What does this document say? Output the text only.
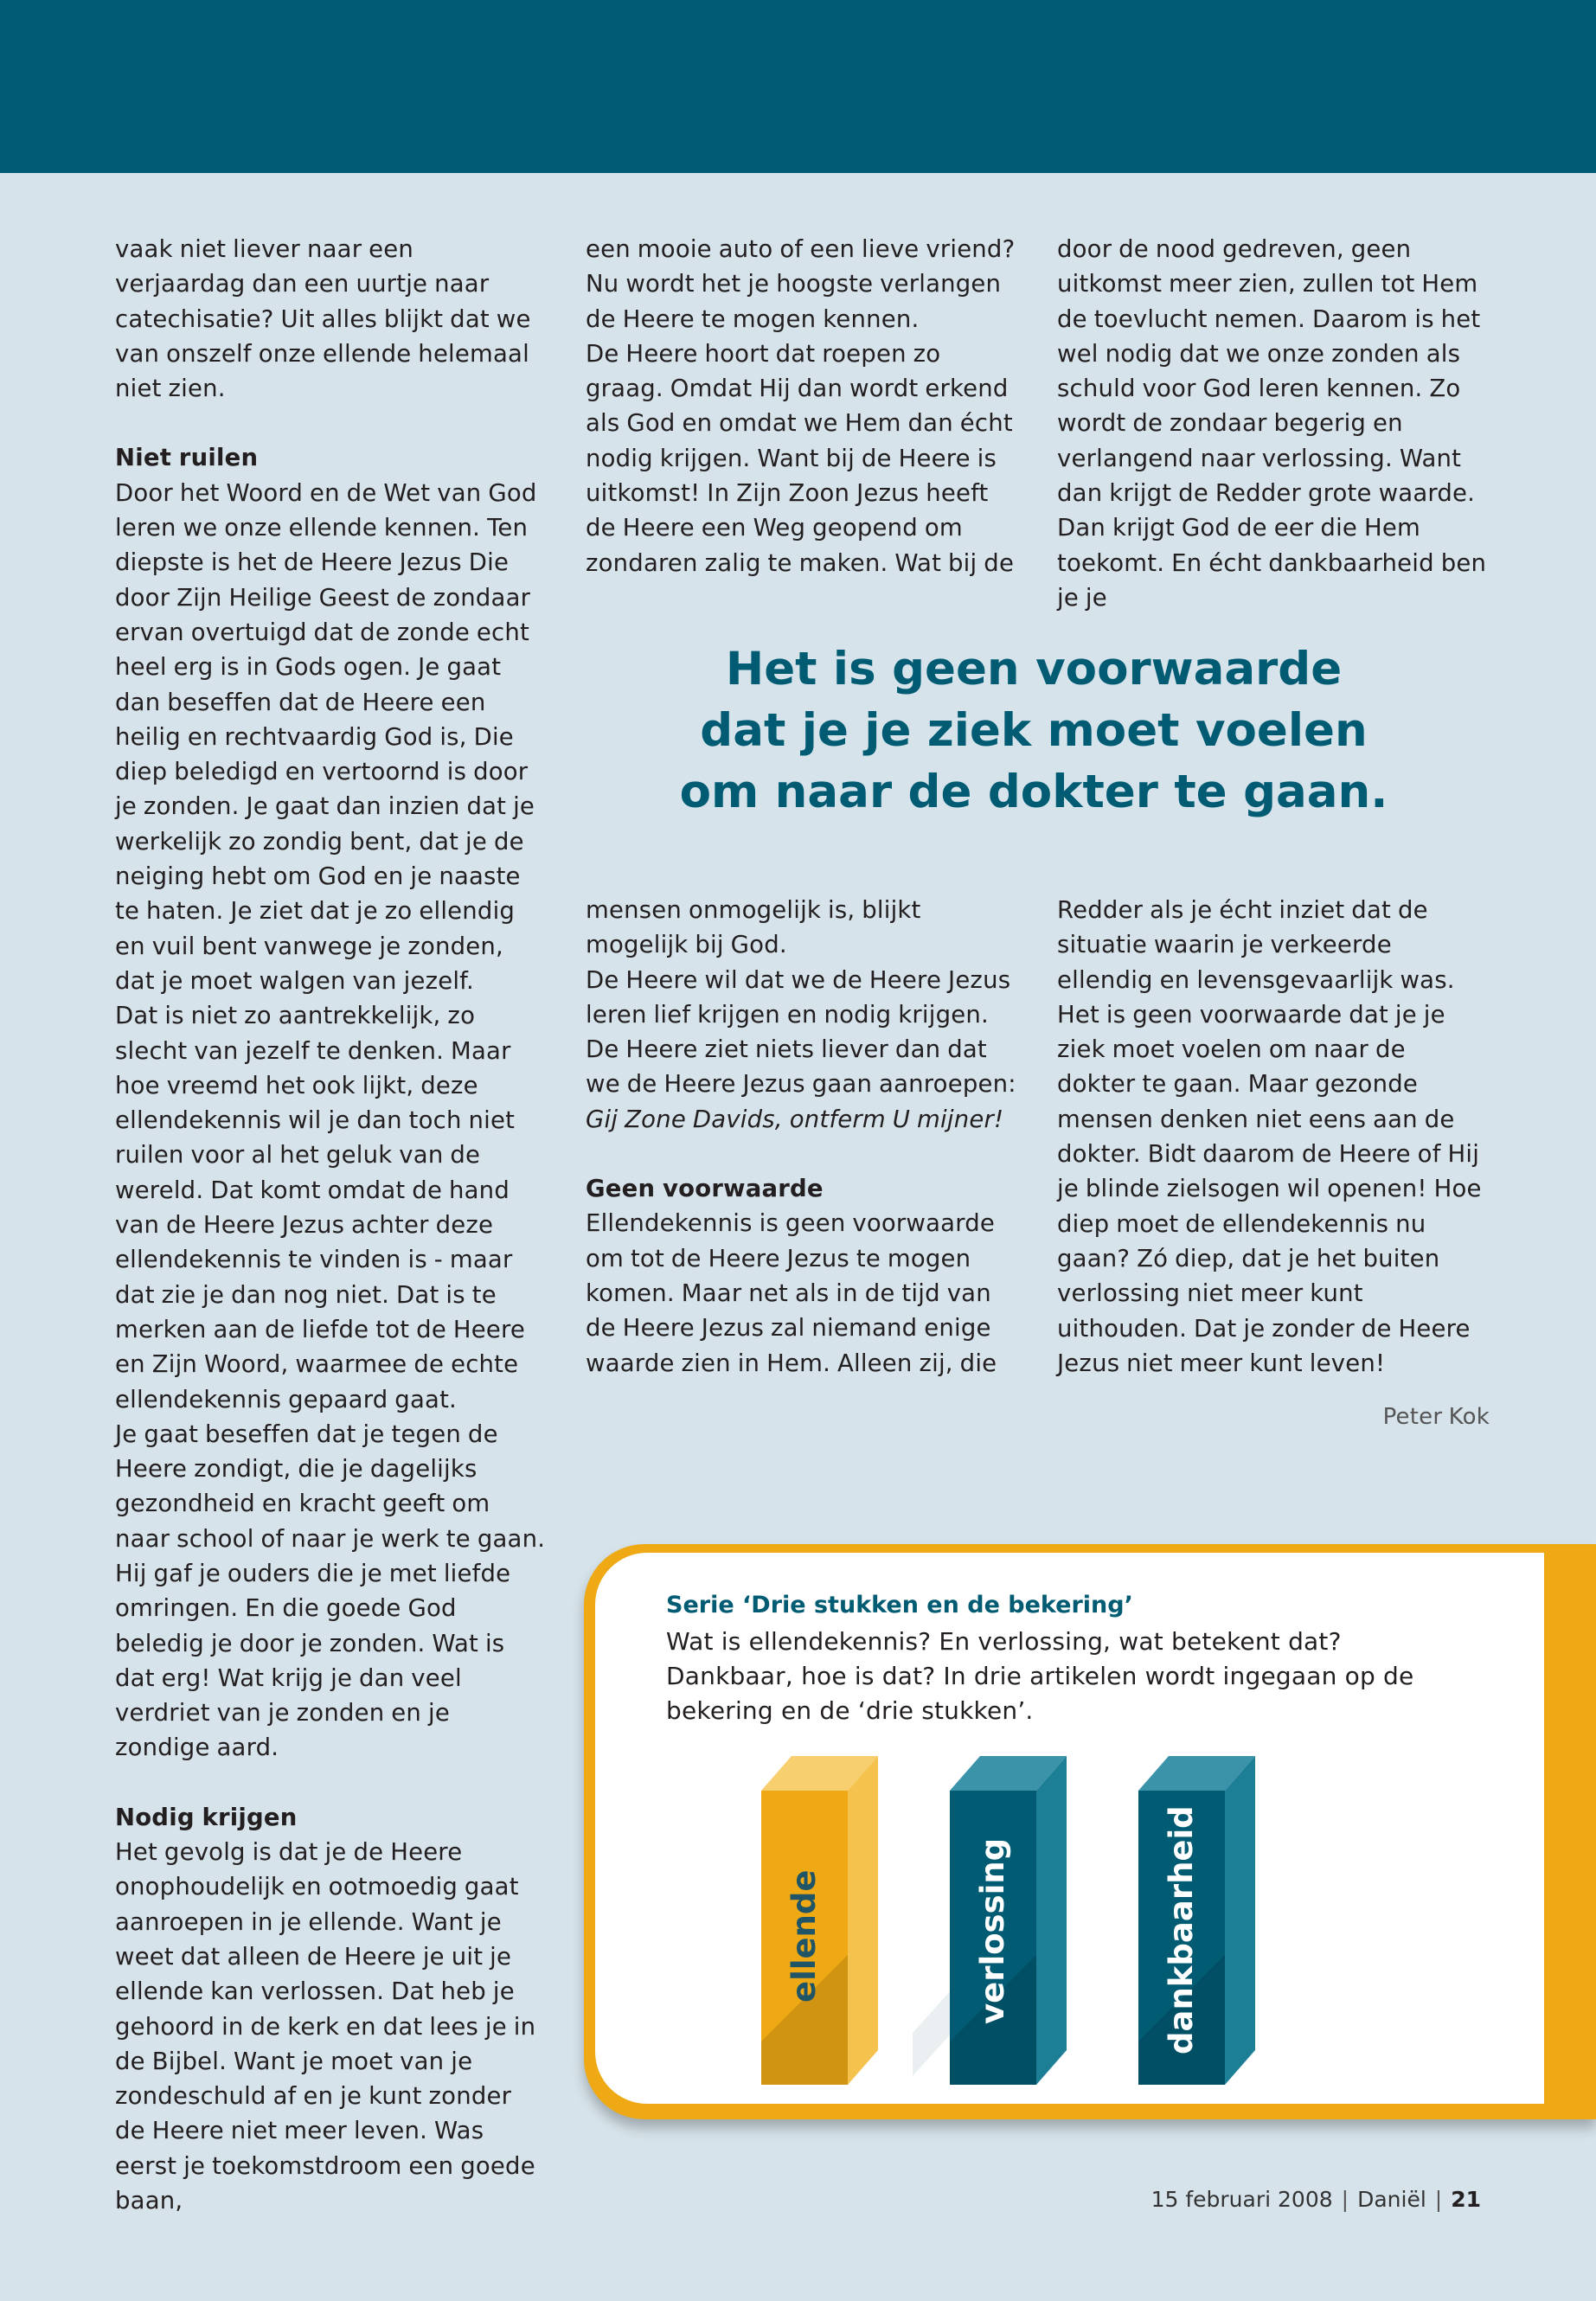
vaak niet liever naar een verjaardag dan een uurtje naar catechisatie? Uit alles blijkt dat we van onszelf onze ellende helemaal niet zien.

Niet ruilen

Door het Woord en de Wet van God leren we onze ellende kennen. Ten diepste is het de Heere Jezus Die door Zijn Heilige Geest de zondaar ervan overtuigd dat de zonde echt heel erg is in Gods ogen. Je gaat dan beseffen dat de Heere een heilig en rechtvaardig God is, Die diep beledigd en vertoornd is door je zonden. Je gaat dan inzien dat je werkelijk zo zondig bent, dat je de neiging hebt om God en je naaste te haten. Je ziet dat je zo ellendig en vuil bent vanwege je zonden, dat je moet walgen van jezelf.

Dat is niet zo aantrekkelijk, zo slecht van jezelf te denken. Maar hoe vreemd het ook lijkt, deze ellendekennis wil je dan toch niet ruilen voor al het geluk van de wereld. Dat komt omdat de hand van de Heere Jezus achter deze ellendekennis te vinden is - maar dat zie je dan nog niet. Dat is te merken aan de liefde tot de Heere en Zijn Woord, waarmee de echte ellendekennis gepaard gaat.

Je gaat beseffen dat je tegen de Heere zondigt, die je dagelijks gezondheid en kracht geeft om naar school of naar je werk te gaan. Hij gaf je ouders die je met liefde omringen. En die goede God beledig je door je zonden. Wat is dat erg! Wat krijg je dan veel verdriet van je zonden en je zondige aard.

Nodig krijgen

Het gevolg is dat je de Heere onophoudelijk en ootmoedig gaat aanroepen in je ellende. Want je weet dat alleen de Heere je uit je ellende kan verlossen. Dat heb je gehoord in de kerk en dat lees je in de Bijbel. Want je moet van je zondeschuld af en je kunt zonder de Heere niet meer leven. Was eerst je toekomstdroom een goede baan,

een mooie auto of een lieve vriend? Nu wordt het je hoogste verlangen de Heere te mogen kennen.

De Heere hoort dat roepen zo graag. Omdat Hij dan wordt erkend als God en omdat we Hem dan écht nodig krijgen. Want bij de Heere is uitkomst! In Zijn Zoon Jezus heeft de Heere een Weg geopend om zondaren zalig te maken. Wat bij de

door de nood gedreven, geen uitkomst meer zien, zullen tot Hem de toevlucht nemen. Daarom is het wel nodig dat we onze zonden als schuld voor God leren kennen. Zo wordt de zondaar begerig en verlangend naar verlossing. Want dan krijgt de Redder grote waarde. Dan krijgt God de eer die Hem toekomt. En écht dankbaarheid ben je je

Het is geen voorwaarde

dat je je ziek moet voelen

om naar de dokter te gaan.

mensen onmogelijk is, blijkt mogelijk bij God.

De Heere wil dat we de Heere Jezus leren lief krijgen en nodig krijgen. De Heere ziet niets liever dan dat we de Heere Jezus gaan aanroepen: Gij Zone Davids, ontferm U mijner!

Geen voorwaarde

Ellendekennis is geen voorwaarde om tot de Heere Jezus te mogen komen. Maar net als in de tijd van de Heere Jezus zal niemand enige waarde zien in Hem. Alleen zij, die

Redder als je écht inziet dat de situatie waarin je verkeerde ellendig en levensgevaarlijk was. Het is geen voorwaarde dat je je ziek moet voelen om naar de dokter te gaan. Maar gezonde mensen denken niet eens aan de dokter. Bidt daarom de Heere of Hij je blinde zielsogen wil openen! Hoe diep moet de ellendekennis nu gaan? Zó diep, dat je het buiten verlossing niet meer kunt uithouden. Dat je zonder de Heere Jezus niet meer kunt leven!

Peter Kok
Serie ‘Drie stukken en de bekering’
Wat is ellendekennis? En verlossing, wat betekent dat? Dankbaar, hoe is dat? In drie artikelen wordt ingegaan op de bekering en de ‘drie stukken’.
ellende	verlossing	dankbaarheid
15 februari 2008 | Daniël | 21
